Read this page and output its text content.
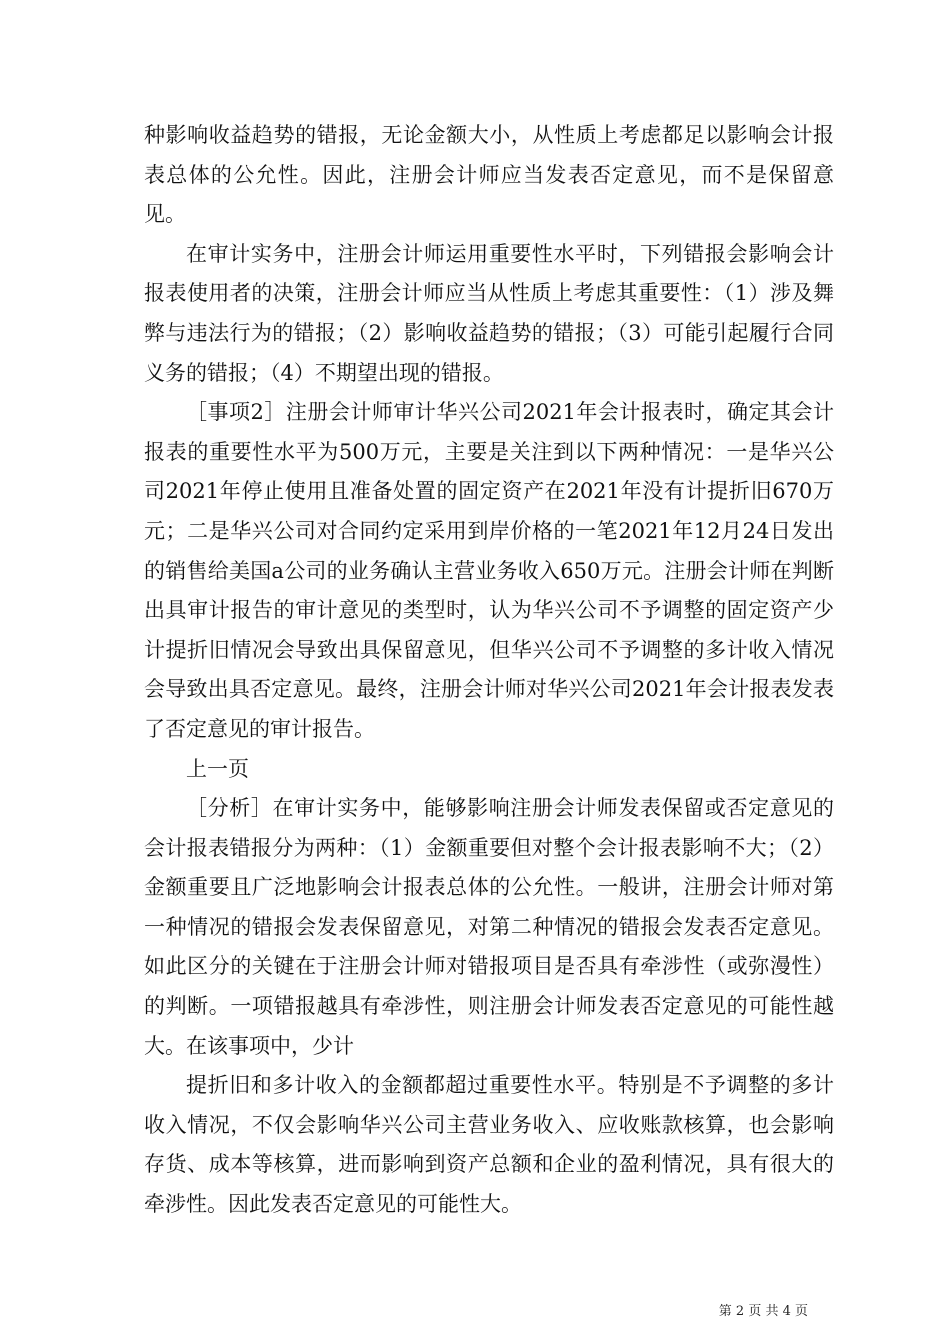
种影响收益趋势的错报，无论金额大小，从性质上考虑都足以影响会计报表总体的公允性。因此，注册会计师应当发表否定意见，而不是保留意见。

在审计实务中，注册会计师运用重要性水平时，下列错报会影响会计报表使用者的决策，注册会计师应当从性质上考虑其重要性：（1）涉及舞弊与违法行为的错报；（2）影响收益趋势的错报；（3）可能引起履行合同义务的错报；（4）不期望出现的错报。

［事项2］注册会计师审计华兴公司2021年会计报表时，确定其会计报表的重要性水平为500万元，主要是关注到以下两种情况：一是华兴公司2021年停止使用且准备处置的固定资产在2021年没有计提折旧670万元；二是华兴公司对合同约定采用到岸价格的一笔2021年12月24日发出的销售给美国a公司的业务确认主营业务收入650万元。注册会计师在判断出具审计报告的审计意见的类型时，认为华兴公司不予调整的固定资产少计提折旧情况会导致出具保留意见，但华兴公司不予调整的多计收入情况会导致出具否定意见。最终，注册会计师对华兴公司2021年会计报表发表了否定意见的审计报告。

上一页

［分析］在审计实务中，能够影响注册会计师发表保留或否定意见的会计报表错报分为两种：（1）金额重要但对整个会计报表影响不大；（2）金额重要且广泛地影响会计报表总体的公允性。一般讲，注册会计师对第一种情况的错报会发表保留意见，对第二种情况的错报会发表否定意见。如此区分的关键在于注册会计师对错报项目是否具有牵涉性（或弥漫性）的判断。一项错报越具有牵涉性，则注册会计师发表否定意见的可能性越大。在该事项中，少计

提折旧和多计收入的金额都超过重要性水平。特别是不予调整的多计收入情况，不仅会影响华兴公司主营业务收入、应收账款核算，也会影响存货、成本等核算，进而影响到资产总额和企业的盈利情况，具有很大的牵涉性。因此发表否定意见的可能性大。

第 2 页 共 4 页
